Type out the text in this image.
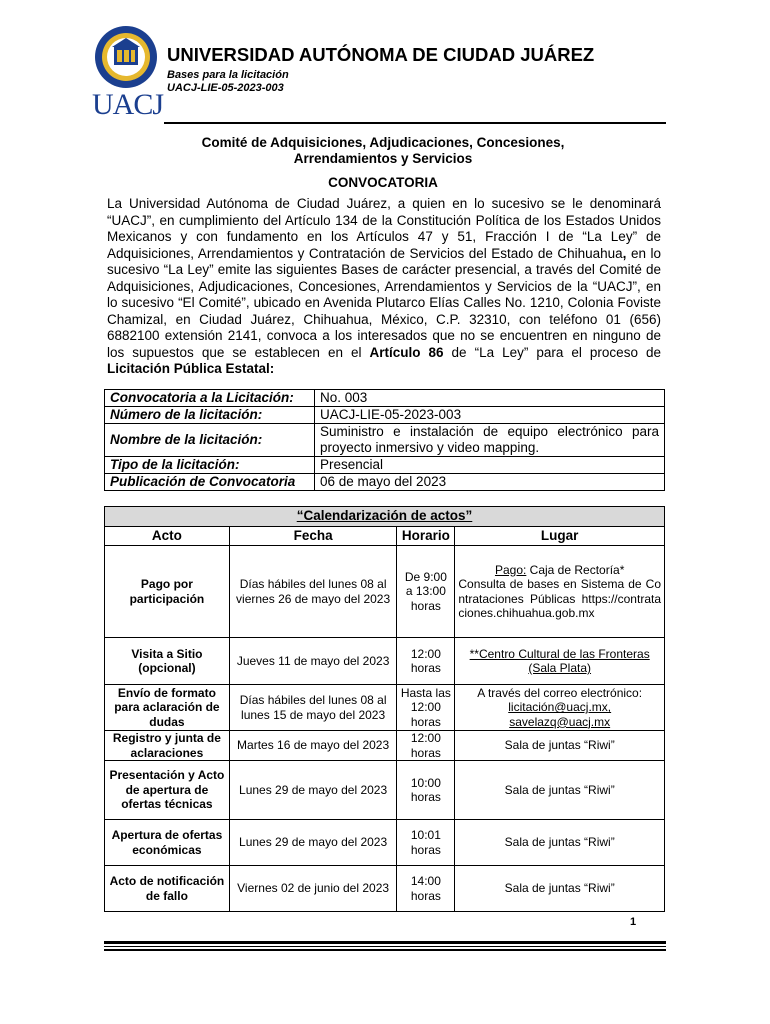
UACJ
UNIVERSIDAD AUTÓNOMA DE CIUDAD JUÁREZ
Bases para la licitación
UACJ-LIE-05-2023-003
Comité de Adquisiciones, Adjudicaciones, Concesiones,
Arrendamientos y Servicios
CONVOCATORIA
La Universidad Autónoma de Ciudad Juárez, a quien en lo sucesivo se le denominará “UACJ”, en cumplimiento del Artículo 134 de la Constitución Política de los Estados Unidos Mexicanos y con fundamento en los Artículos 47 y 51, Fracción I de “La Ley” de Adquisiciones, Arrendamientos y Contratación de Servicios del Estado de Chihuahua, en lo sucesivo “La Ley” emite las siguientes Bases de carácter presencial, a través del Comité de Adquisiciones, Adjudicaciones, Concesiones, Arrendamientos y Servicios de la “UACJ”, en lo sucesivo “El Comité”, ubicado en Avenida Plutarco Elías Calles No. 1210, Colonia Foviste Chamizal, en Ciudad Juárez, Chihuahua, México, C.P. 32310, con teléfono 01 (656) 6882100 extensión 2141, convoca a los interesados que no se encuentren en ninguno de los supuestos que se establecen en el Artículo 86 de “La Ley” para el proceso de Licitación Pública Estatal:
Convocatoria a la Licitación:	No. 003
Número de la licitación:	UACJ-LIE-05-2023-003
Nombre de la licitación:	Suministro e instalación de equipo electrónico para proyecto inmersivo y video mapping.
Tipo de la licitación:	Presencial
Publicación de Convocatoria	06 de mayo del 2023
“Calendarización de actos”			
Acto	Fecha	Horario	Lugar
Pago por participación	Días hábiles del lunes 08 al viernes 26 de mayo del 2023	De 9:00 a 13:00 horas	Pago: Caja de Rectoría*

Consulta de bases en Sistema de Contrataciones Públicas https://contrataciones.chihuahua.gob.mx

Visita a Sitio (opcional)	Jueves 11 de mayo del 2023	12:00 horas	**Centro Cultural de las Fronteras
(Sala Plata)
Envío de formato para aclaración de dudas	Días hábiles del lunes 08 al lunes 15 de mayo del 2023	Hasta las 12:00 horas	A través del correo electrónico:
licitación@uacj.mx,
savelazq@uacj.mx
Registro y junta de aclaraciones	Martes 16 de mayo del 2023	12:00 horas	Sala de juntas “Riwi”
Presentación y Acto de apertura de ofertas técnicas	Lunes 29 de mayo del 2023	10:00 horas	Sala de juntas “Riwi”
Apertura de ofertas económicas	Lunes 29 de mayo del 2023	10:01 horas	Sala de juntas “Riwi”
Acto de notificación de fallo	Viernes 02 de junio del 2023	14:00 horas	Sala de juntas “Riwi”
1
